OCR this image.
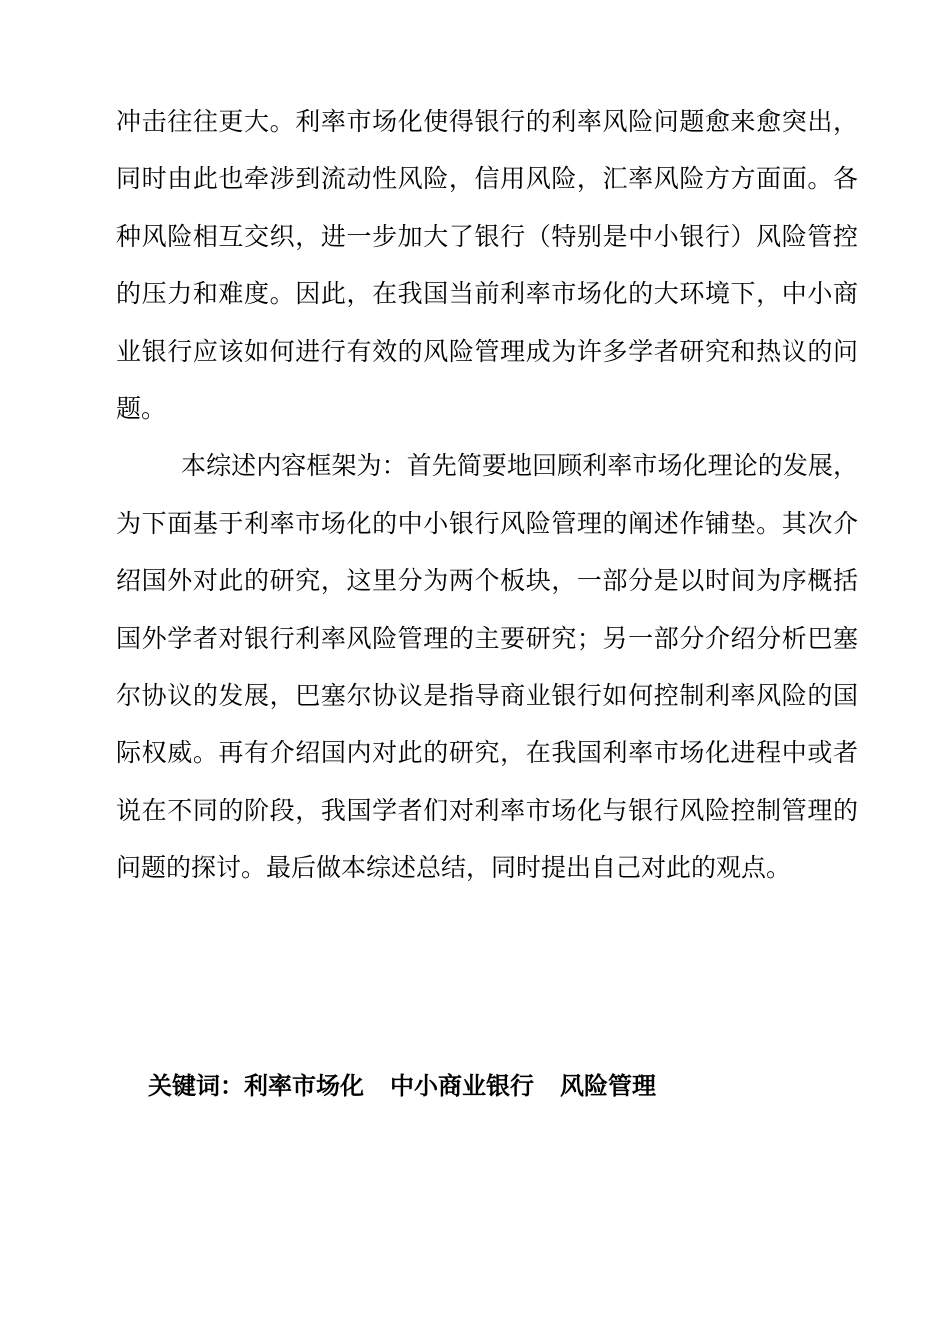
冲击往往更大。利率市场化使得银行的利率风险问题愈来愈突出，同时由此也牵涉到流动性风险，信用风险，汇率风险方方面面。各种风险相互交织，进一步加大了银行（特别是中小银行）风险管控的压力和难度。因此，在我国当前利率市场化的大环境下，中小商业银行应该如何进行有效的风险管理成为许多学者研究和热议的问题。

本综述内容框架为：首先简要地回顾利率市场化理论的发展，为下面基于利率市场化的中小银行风险管理的阐述作铺垫。其次介绍国外对此的研究，这里分为两个板块，一部分是以时间为序概括国外学者对银行利率风险管理的主要研究；另一部分介绍分析巴塞尔协议的发展，巴塞尔协议是指导商业银行如何控制利率风险的国际权威。再有介绍国内对此的研究，在我国利率市场化进程中或者说在不同的阶段，我国学者们对利率市场化与银行风险控制管理的问题的探讨。最后做本综述总结，同时提出自己对此的观点。

关键词：利率市场化 中小商业银行 风险管理
